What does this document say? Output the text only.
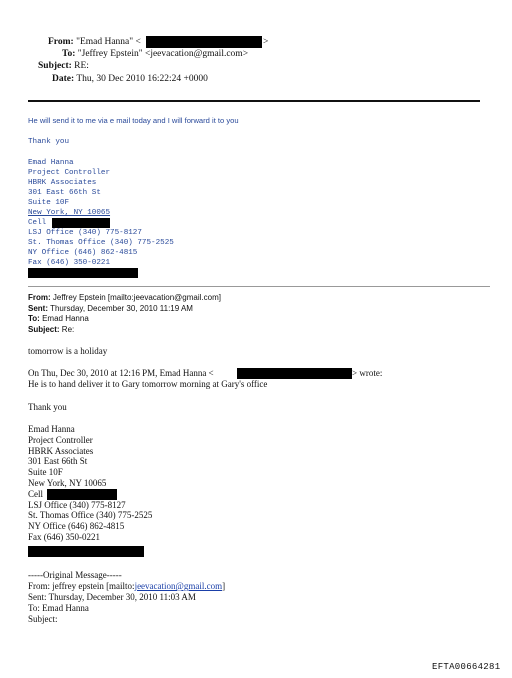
From: "Emad Hanna" <	>
To: "Jeffrey Epstein" <jeevacation@gmail.com>
Subject: RE:
Date: Thu, 30 Dec 2010 16:22:24 +0000
He will send it to me via e mail today and I will forward it to you
Thank you
Emad Hanna
Project Controller
HBRK Associates
301 East 66th St
Suite 10F
New York, NY 10065
Cell
LSJ Office (340) 775-8127
St. Thomas Office (340) 775-2525
NY Office (646) 862-4815
Fax (646) 350-0221
From: Jeffrey Epstein [mailto:jeevacation@gmail.com]
Sent: Thursday, December 30, 2010 11:19 AM
To: Emad Hanna
Subject: Re:
tomorrow is a holiday
On Thu, Dec 30, 2010 at 12:16 PM, Emad Hanna <	> wrote:
He is to hand deliver it to Gary tomorrow morning at Gary's office
Thank you
Emad Hanna
Project Controller
HBRK Associates
301 East 66th St
Suite 10F
New York, NY 10065
Cell
LSJ Office (340) 775-8127
St. Thomas Office (340) 775-2525
NY Office (646) 862-4815
Fax (646) 350-0221
-----Original Message-----
From: jeffrey epstein [mailto:jeevacation@gmail.com]
Sent: Thursday, December 30, 2010 11:03 AM
To: Emad Hanna
Subject:
EFTA00664281
